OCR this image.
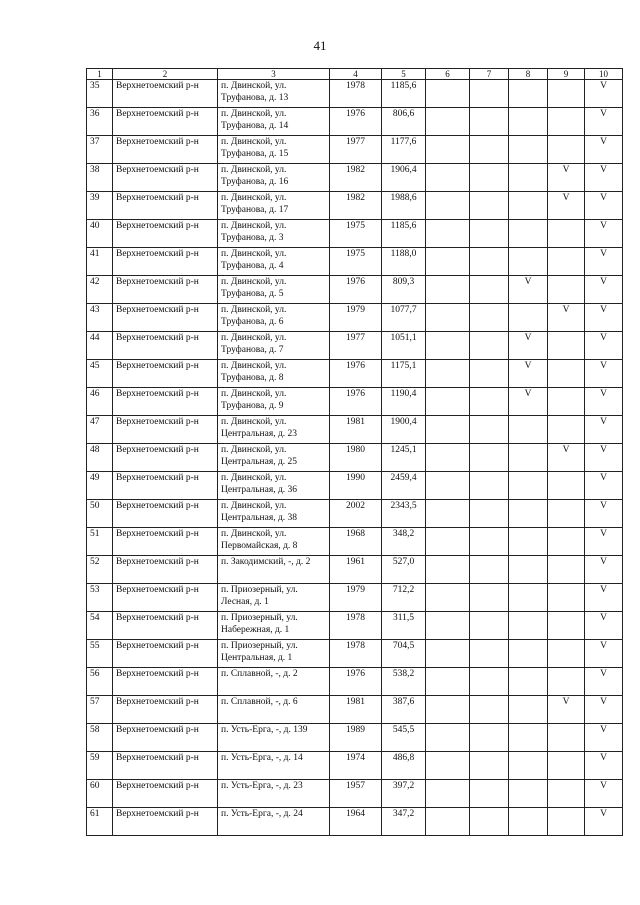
41
1	2	3	4	5	6	7	8	9	10
35	Верхнетоемский р-н	п. Двинской, ул. Труфанова, д. 13	1978	1185,6					V
36	Верхнетоемский р-н	п. Двинской, ул. Труфанова, д. 14	1976	806,6					V
37	Верхнетоемский р-н	п. Двинской, ул. Труфанова, д. 15	1977	1177,6					V
38	Верхнетоемский р-н	п. Двинской, ул. Труфанова, д. 16	1982	1906,4				V	V
39	Верхнетоемский р-н	п. Двинской, ул. Труфанова, д. 17	1982	1988,6				V	V
40	Верхнетоемский р-н	п. Двинской, ул. Труфанова, д. 3	1975	1185,6					V
41	Верхнетоемский р-н	п. Двинской, ул. Труфанова, д. 4	1975	1188,0					V
42	Верхнетоемский р-н	п. Двинской, ул. Труфанова, д. 5	1976	809,3			V		V
43	Верхнетоемский р-н	п. Двинской, ул. Труфанова, д. 6	1979	1077,7				V	V
44	Верхнетоемский р-н	п. Двинской, ул. Труфанова, д. 7	1977	1051,1			V		V
45	Верхнетоемский р-н	п. Двинской, ул. Труфанова, д. 8	1976	1175,1			V		V
46	Верхнетоемский р-н	п. Двинской, ул. Труфанова, д. 9	1976	1190,4			V		V
47	Верхнетоемский р-н	п. Двинской, ул. Центральная, д. 23	1981	1900,4					V
48	Верхнетоемский р-н	п. Двинской, ул. Центральная, д. 25	1980	1245,1				V	V
49	Верхнетоемский р-н	п. Двинской, ул. Центральная, д. 36	1990	2459,4					V
50	Верхнетоемский р-н	п. Двинской, ул. Центральная, д. 38	2002	2343,5					V
51	Верхнетоемский р-н	п. Двинской, ул. Первомайская, д. 8	1968	348,2					V
52	Верхнетоемский р-н	п. Закодимский, -, д. 2	1961	527,0					V
53	Верхнетоемский р-н	п. Приозерный, ул. Лесная, д. 1	1979	712,2					V
54	Верхнетоемский р-н	п. Приозерный, ул. Набережная, д. 1	1978	311,5					V
55	Верхнетоемский р-н	п. Приозерный, ул. Центральная, д. 1	1978	704,5					V
56	Верхнетоемский р-н	п. Сплавной, -, д. 2	1976	538,2					V
57	Верхнетоемский р-н	п. Сплавной, -, д. 6	1981	387,6				V	V
58	Верхнетоемский р-н	п. Усть-Ерга, -, д. 139	1989	545,5					V
59	Верхнетоемский р-н	п. Усть-Ерга, -, д. 14	1974	486,8					V
60	Верхнетоемский р-н	п. Усть-Ерга, -, д. 23	1957	397,2					V
61	Верхнетоемский р-н	п. Усть-Ерга, -, д. 24	1964	347,2					V
